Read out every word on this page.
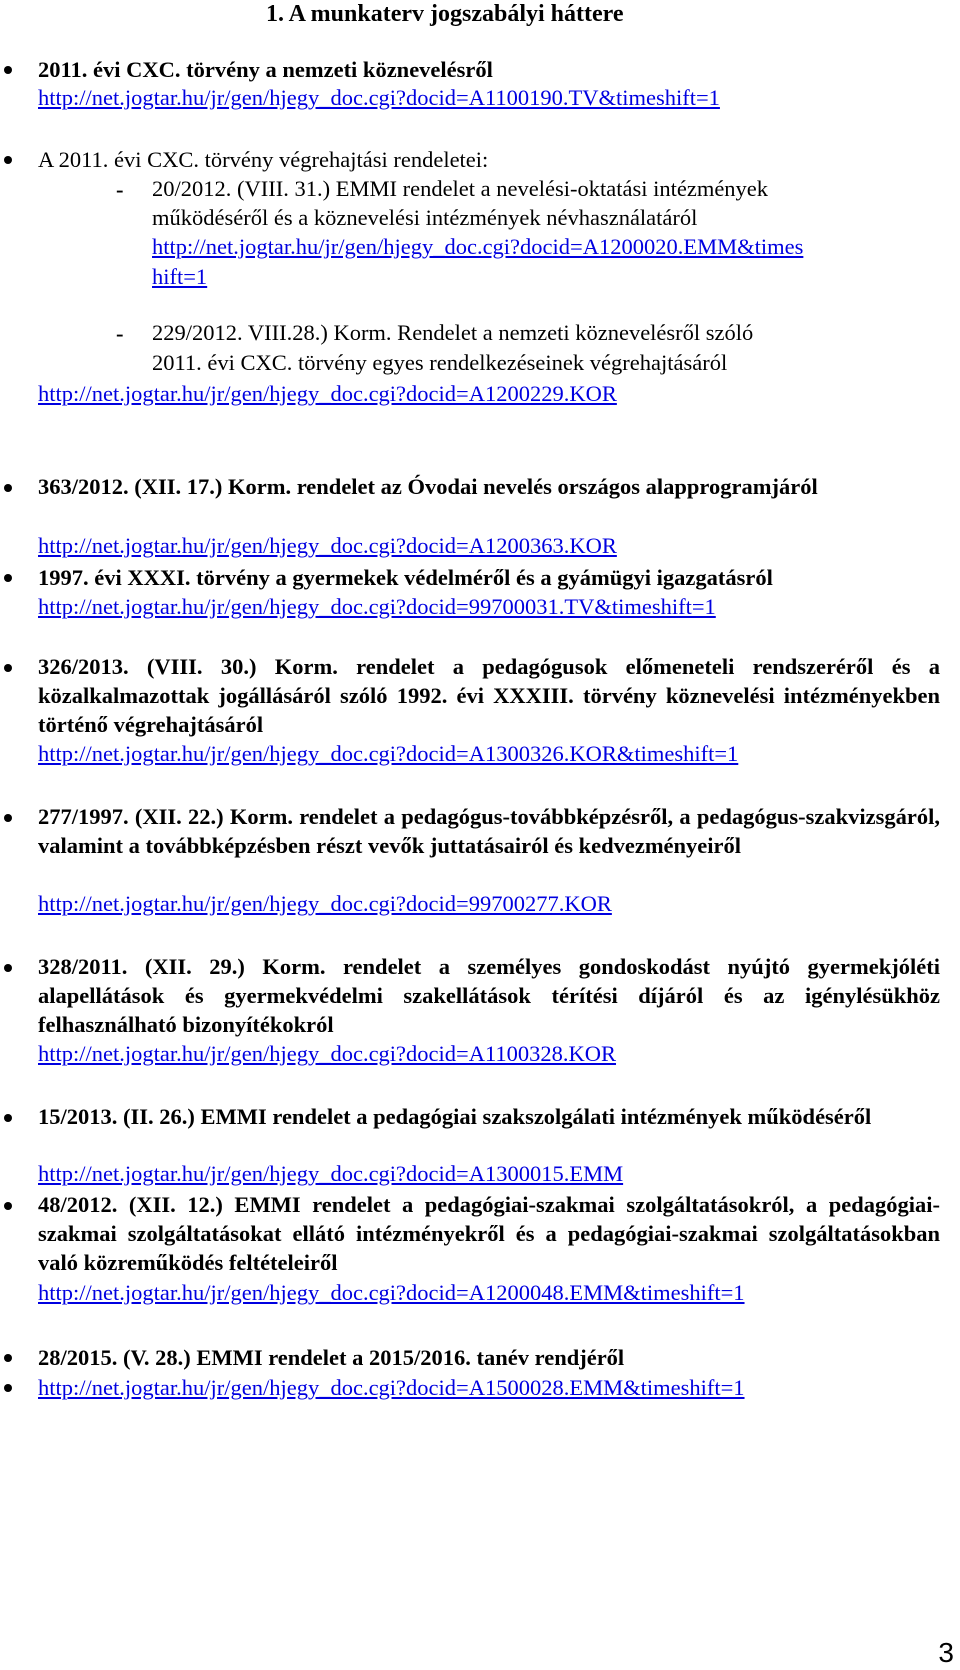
1. A munkaterv jogszabályi háttere
2011. évi CXC. törvény a nemzeti köznevelésről
http://net.jogtar.hu/jr/gen/hjegy_doc.cgi?docid=A1100190.TV&timeshift=1
A 2011. évi CXC. törvény végrehajtási rendeletei:
- 20/2012. (VIII. 31.) EMMI rendelet a nevelési-oktatási intézmények
működéséről és a köznevelési intézmények névhasználatáról
http://net.jogtar.hu/jr/gen/hjegy_doc.cgi?docid=A1200020.EMM&times
hift=1
- 229/2012. VIII.28.) Korm. Rendelet a nemzeti köznevelésről szóló
2011. évi CXC. törvény egyes rendelkezéseinek végrehajtásáról
http://net.jogtar.hu/jr/gen/hjegy_doc.cgi?docid=A1200229.KOR
363/2012. (XII. 17.) Korm. rendelet az Óvodai nevelés országos alapprogramjáról
http://net.jogtar.hu/jr/gen/hjegy_doc.cgi?docid=A1200363.KOR
1997. évi XXXI. törvény a gyermekek védelméről és a gyámügyi igazgatásról
http://net.jogtar.hu/jr/gen/hjegy_doc.cgi?docid=99700031.TV&timeshift=1
326/2013. (VIII. 30.) Korm. rendelet a pedagógusok előmeneteli rendszeréről és a közalkalmazottak jogállásáról szóló 1992. évi XXXIII. törvény köznevelési intézményekben történő végrehajtásáról
http://net.jogtar.hu/jr/gen/hjegy_doc.cgi?docid=A1300326.KOR&timeshift=1
277/1997. (XII. 22.) Korm. rendelet a pedagógus-továbbképzésről, a pedagógus-szakvizsgáról, valamint a továbbképzésben részt vevők juttatásairól és kedvezményeiről
http://net.jogtar.hu/jr/gen/hjegy_doc.cgi?docid=99700277.KOR
328/2011. (XII. 29.) Korm. rendelet a személyes gondoskodást nyújtó gyermekjóléti alapellátások és gyermekvédelmi szakellátások térítési díjáról és az igénylésükhöz felhasználható bizonyítékokról
http://net.jogtar.hu/jr/gen/hjegy_doc.cgi?docid=A1100328.KOR
15/2013. (II. 26.) EMMI rendelet a pedagógiai szakszolgálati intézmények működéséről
http://net.jogtar.hu/jr/gen/hjegy_doc.cgi?docid=A1300015.EMM
48/2012. (XII. 12.) EMMI rendelet a pedagógiai-szakmai szolgáltatásokról, a pedagógiai-szakmai szolgáltatásokat ellátó intézményekről és a pedagógiai-szakmai szolgáltatásokban való közreműködés feltételeiről
http://net.jogtar.hu/jr/gen/hjegy_doc.cgi?docid=A1200048.EMM&timeshift=1
28/2015. (V. 28.) EMMI rendelet a 2015/2016. tanév rendjéről
http://net.jogtar.hu/jr/gen/hjegy_doc.cgi?docid=A1500028.EMM&timeshift=1
3
